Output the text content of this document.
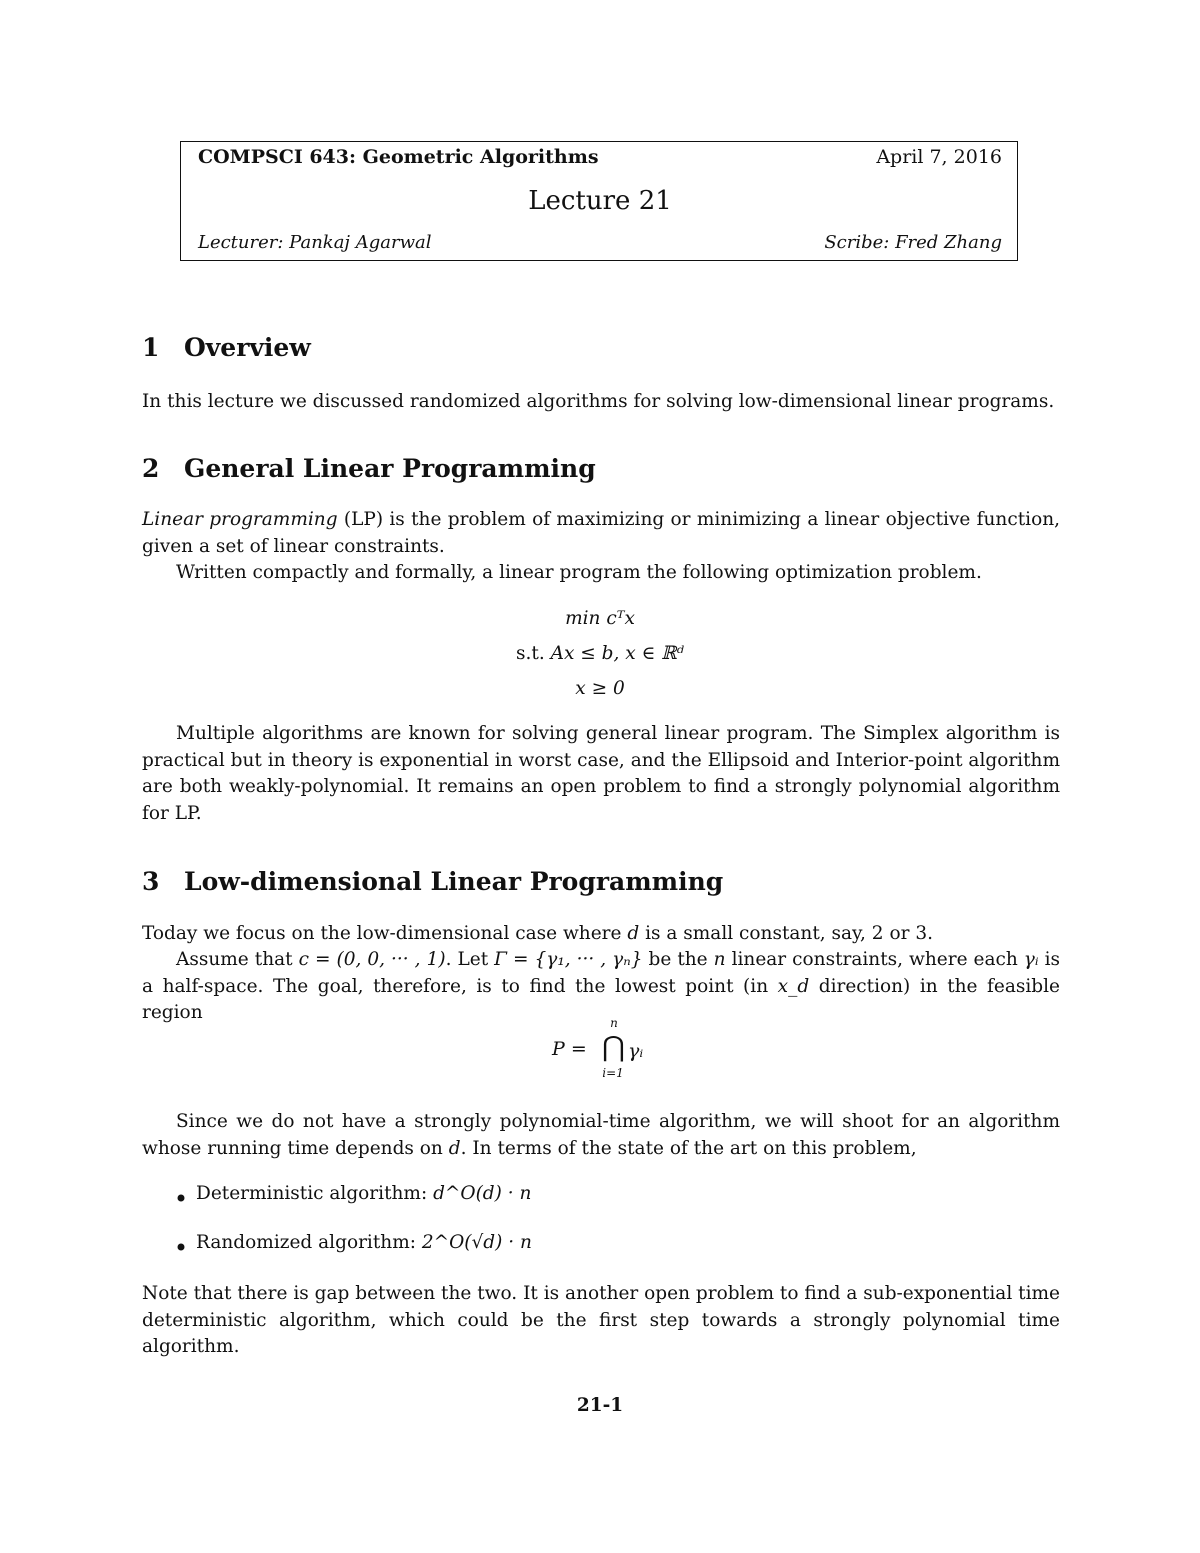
COMPSCI 643: Geometric Algorithms	April 7, 2016
Lecture 21
Lecturer: Pankaj Agarwal	Scribe: Fred Zhang
1 Overview
In this lecture we discussed randomized algorithms for solving low-dimensional linear programs.
2 General Linear Programming
Linear programming (LP) is the problem of maximizing or minimizing a linear objective function, given a set of linear constraints.
Written compactly and formally, a linear program the following optimization problem.
min cᵀx
s.t. Ax ≤ b, x ∈ ℝᵈ
x ≥ 0
Multiple algorithms are known for solving general linear program. The Simplex algorithm is practical but in theory is exponential in worst case, and the Ellipsoid and Interior-point algorithm are both weakly-polynomial. It remains an open problem to find a strongly polynomial algorithm for LP.
3 Low-dimensional Linear Programming
Today we focus on the low-dimensional case where d is a small constant, say, 2 or 3.
Assume that c = (0, 0, ··· , 1). Let Γ = {γ₁, ··· , γₙ} be the n linear constraints, where each γᵢ is a half-space. The goal, therefore, is to find the lowest point (in x_d direction) in the feasible region
P =
n
⋂
i=1
γᵢ
Since we do not have a strongly polynomial-time algorithm, we will shoot for an algorithm whose running time depends on d. In terms of the state of the art on this problem,
Deterministic algorithm: d^O(d) · n
Randomized algorithm: 2^O(√d) · n
Note that there is gap between the two. It is another open problem to find a sub-exponential time deterministic algorithm, which could be the first step towards a strongly polynomial time algorithm.
21-1
